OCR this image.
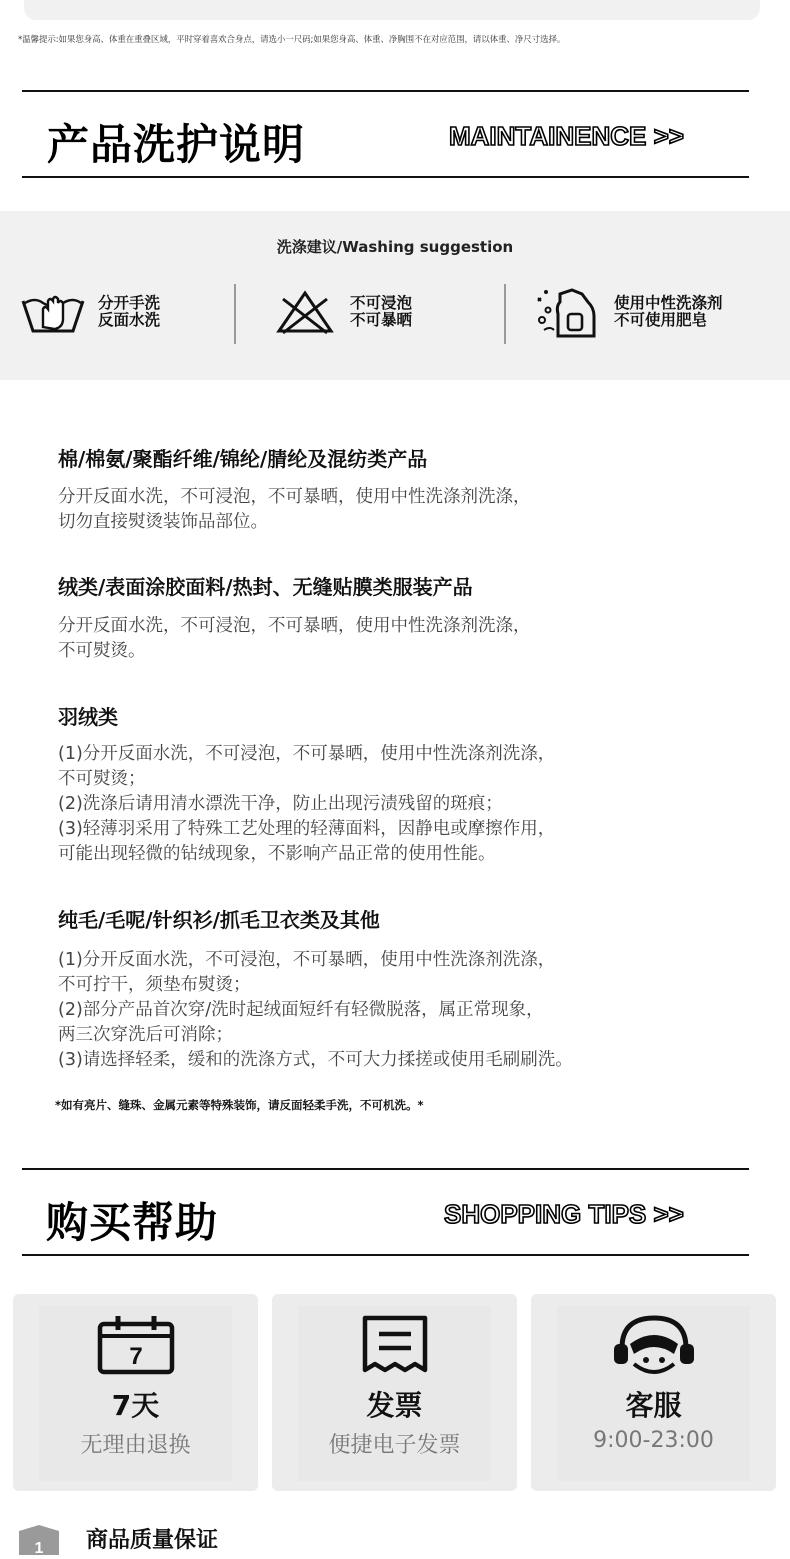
*温馨提示:如果您身高、体重在重叠区域，平时穿着喜欢合身点，请选小一尺码;如果您身高、体重、净胸围不在对应范围，请以体重、净尺寸选择。
产品洗护说明	MAINTAINENCE >>
洗涤建议/Washing suggestion
分开手洗
反面水洗
不可浸泡
不可暴晒
使用中性洗涤剂
不可使用肥皂
棉/棉氨/聚酯纤维/锦纶/腈纶及混纺类产品
分开反面水洗，不可浸泡，不可暴晒，使用中性洗涤剂洗涤，
切勿直接熨烫装饰品部位。
绒类/表面涂胶面料/热封、无缝贴膜类服装产品
分开反面水洗，不可浸泡，不可暴晒，使用中性洗涤剂洗涤，
不可熨烫。
羽绒类
(1)分开反面水洗，不可浸泡，不可暴晒，使用中性洗涤剂洗涤，
不可熨烫；
(2)洗涤后请用清水漂洗干净，防止出现污渍残留的斑痕；
(3)轻薄羽采用了特殊工艺处理的轻薄面料，因静电或摩擦作用，
可能出现轻微的钻绒现象，不影响产品正常的使用性能。
纯毛/毛呢/针织衫/抓毛卫衣类及其他
(1)分开反面水洗，不可浸泡，不可暴晒，使用中性洗涤剂洗涤，
不可拧干，须垫布熨烫；
(2)部分产品首次穿/洗时起绒面短纤有轻微脱落，属正常现象，
两三次穿洗后可消除；
(3)请选择轻柔，缓和的洗涤方式，不可大力揉搓或使用毛刷刷洗。
*如有亮片、缝珠、金属元素等特殊装饰，请反面轻柔手洗，不可机洗。*
购买帮助	SHOPPING TIPS >>
7
7天
无理由退换
发票
便捷电子发票
客服
9:00-23:00
1 商品质量保证
